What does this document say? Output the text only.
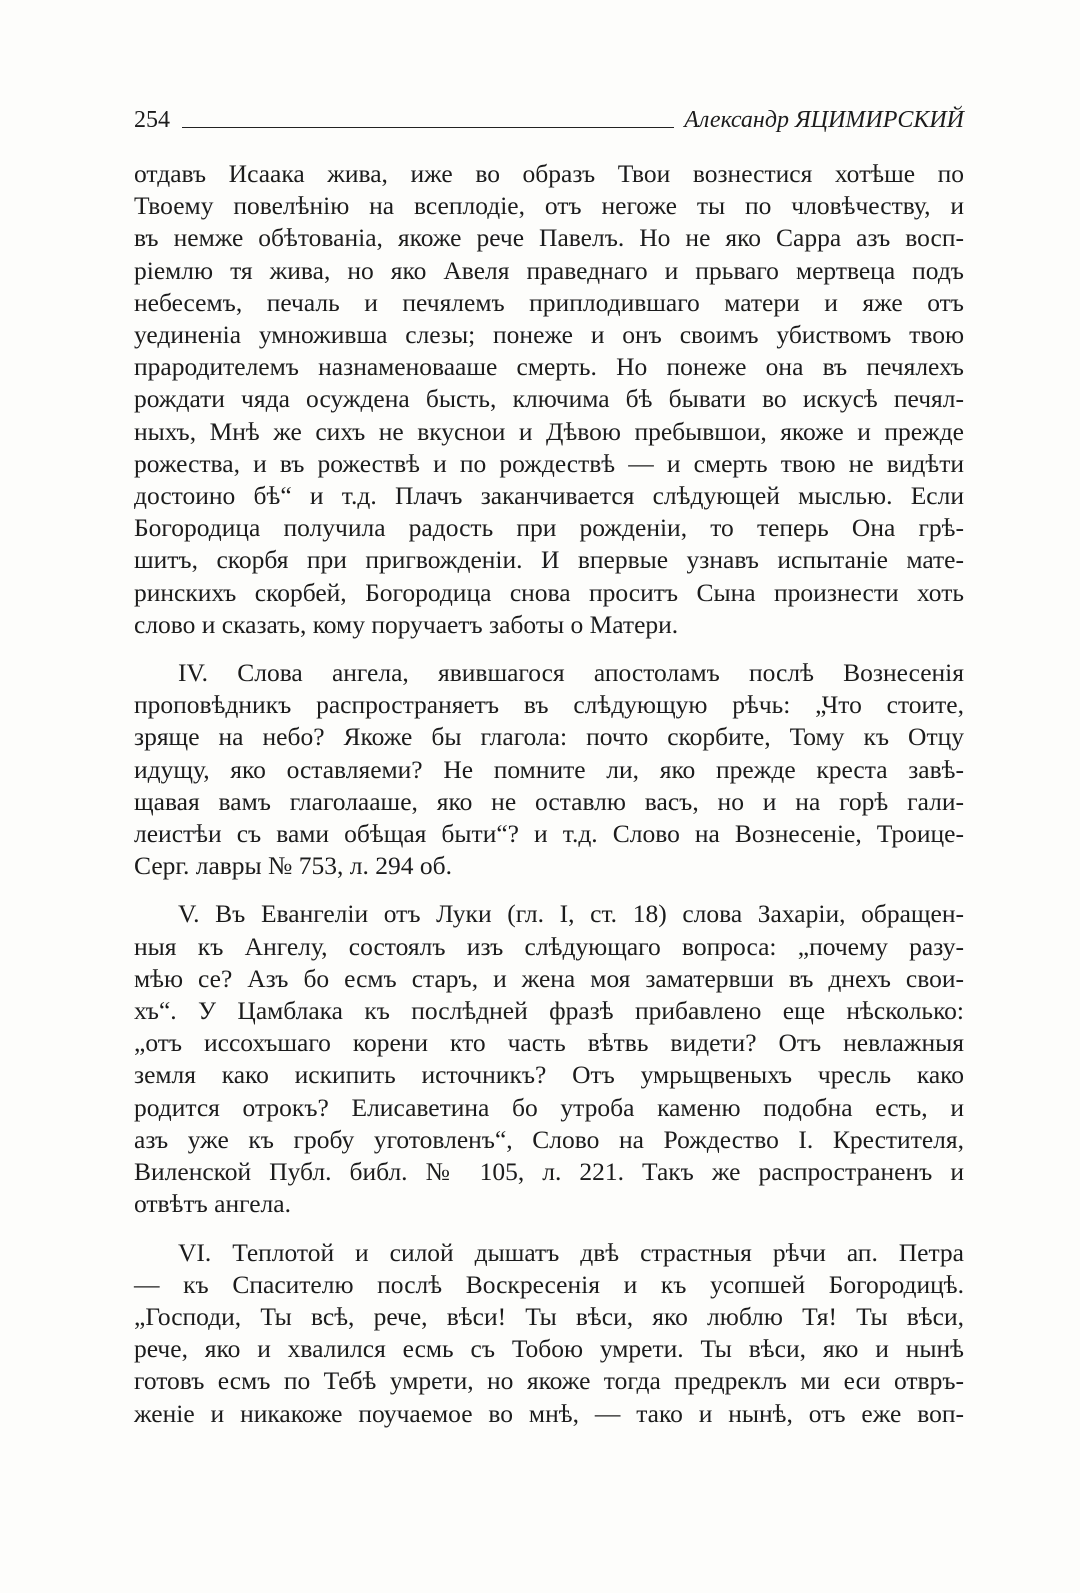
254	Александр ЯЦИМИРСКИЙ

отдавъ Исаака жива, иже во образъ Твои вознестися хотѣше по
Твоему повелѣнію на всеплодіе, отъ негоже ты по чловѣчеству, и
въ немже обѣтованіа, якоже рече Павелъ. Но не яко Сарра азъ восп-
ріемлю тя жива, но яко Авеля праведнаго и прьваго мертвеца подъ
небесемъ, печаль и печялемъ приплодившаго матери и яже отъ
уединеніа умноживша слезы; понеже и онъ своимъ убиствомъ твою
прародителемъ назнаменовааше смерть. Но понеже она въ печялехъ
рождати чяда осуждена бысть, ключима бѣ бывати во искусѣ печял-
ныхъ, Мнѣ же сихъ не вкуснои и Дѣвою пребывшои, якоже и прежде
рожества, и въ рожествѣ и по рождествѣ — и смерть твою не видѣти
достоино бѣ“ и т.д. Плачъ заканчивается слѣдующей мыслью. Если
Богородица получила радость при рожденіи, то теперь Она грѣ-
шитъ, скорбя при пригвожденіи. И впервые узнавъ испытаніе мате-
ринскихъ скорбей, Богородица снова проситъ Сына произнести хоть
слово и сказать, кому поручаетъ заботы о Матери.

IV. Слова ангела, явившагося апостоламъ послѣ Вознесенія
проповѣдникъ распространяетъ въ слѣдующую рѣчь: „Что стоите,
зряще на небо? Якоже бы глагола: почто скорбите, Тому къ Отцу
идущу, яко оставляеми? Не помните ли, яко прежде креста завѣ-
щавая вамъ глаголааше, яко не оставлю васъ, но и на горѣ гали-
леистѣи съ вами обѣщая быти“? и т.д. Слово на Вознесеніе, Троице-
Серг. лавры № 753, л. 294 об.

V. Въ Евангеліи отъ Луки (гл. I, ст. 18) слова Захаріи, обращен-
ныя къ Ангелу, состоялъ изъ слѣдующаго вопроса: „почему разу-
мѣю се? Азъ бо есмъ старъ, и жена моя заматервши въ днехъ свои-
хъ“. У Цамблака къ послѣдней фразѣ прибавлено еще нѣсколько:
„отъ иссохъшаго корени кто часть вѣтвь видети? Отъ невлажныя
земля како искипить источникъ? Отъ умрьщвеныхъ чресль како
родится отрокъ? Елисаветина бо утроба каменю подобна есть, и
азъ уже къ гробу уготовленъ“, Слово на Рождество I. Крестителя,
Виленской Публ. библ. № 105, л. 221. Такъ же распространенъ и
отвѣтъ ангела.

VI. Теплотой и силой дышатъ двѣ страстныя рѣчи ап. Петра
— къ Спасителю послѣ Воскресенія и къ усопшей Богородицѣ.
„Господи, Ты всѣ, рече, вѣси! Ты вѣси, яко люблю Тя! Ты вѣси,
рече, яко и хвалился есмь съ Тобою умрети. Ты вѣси, яко и нынѣ
готовъ есмъ по Тебѣ умрети, но якоже тогда предреклъ ми еси отвръ-
женіе и никакоже поучаемое во мнѣ, — тако и нынѣ, отъ еже воп-
